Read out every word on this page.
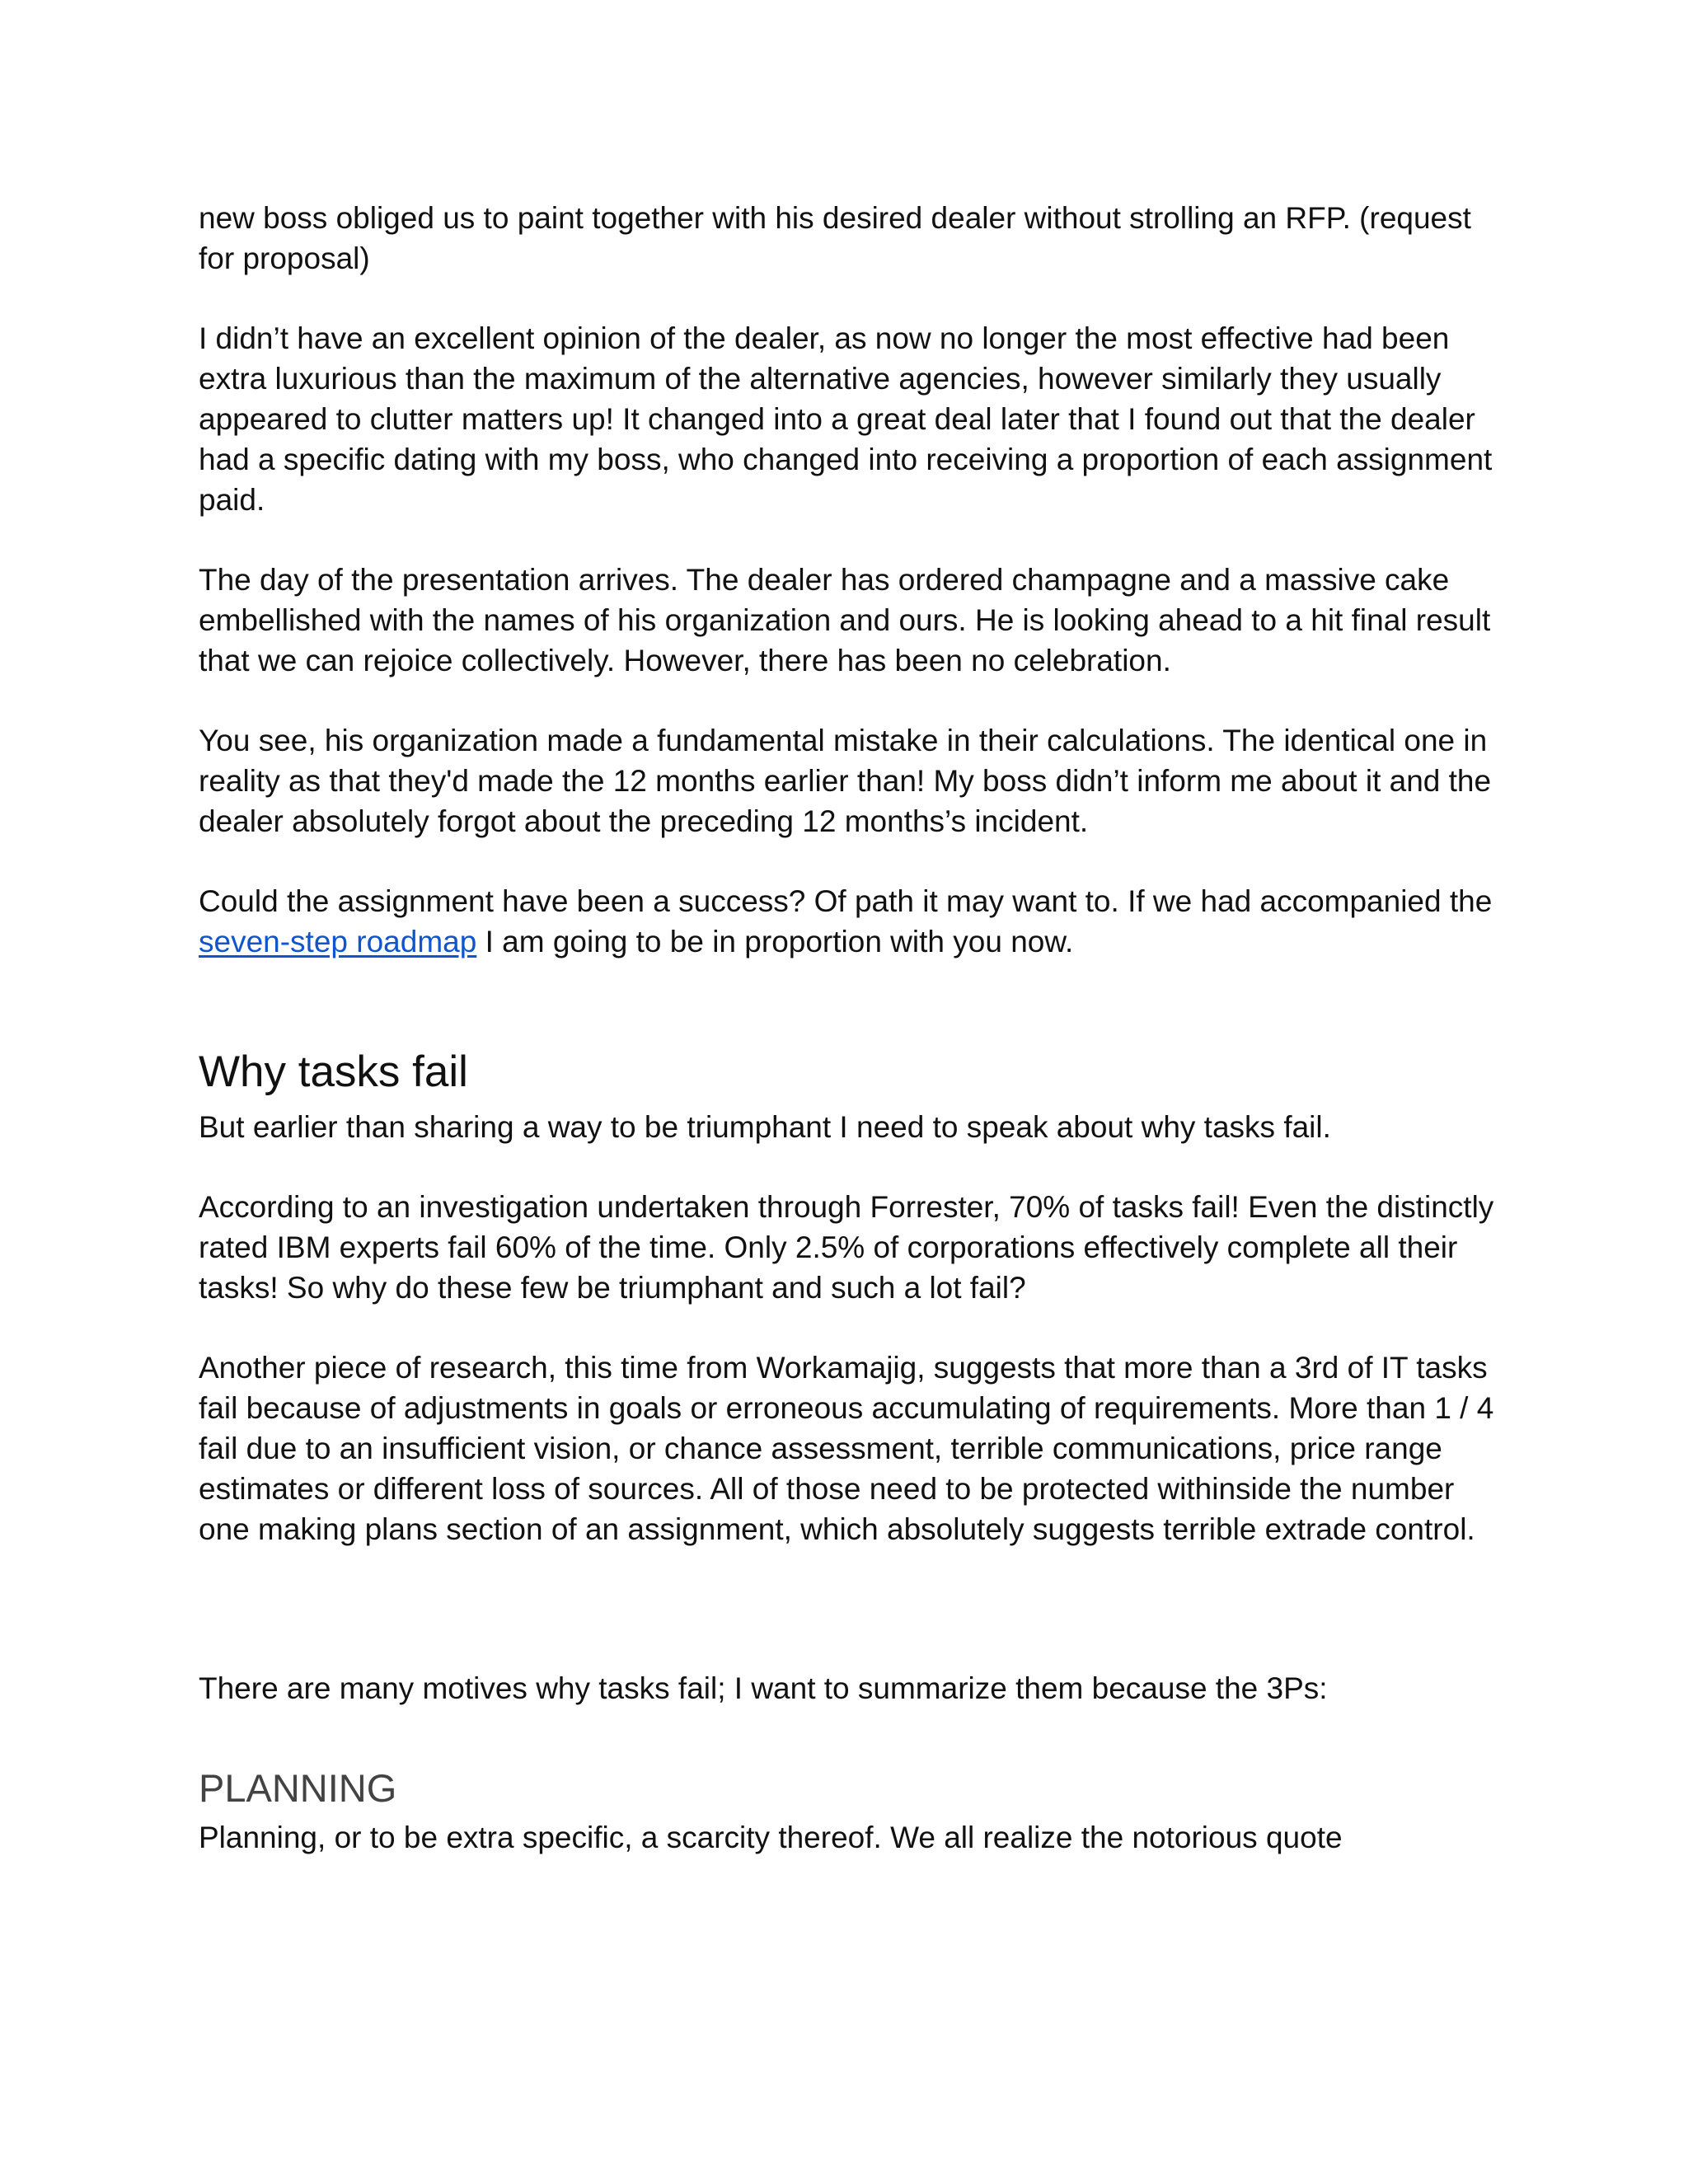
new boss obliged us to paint together with his desired dealer without strolling an RFP. (request for proposal)

I didn’t have an excellent opinion of the dealer, as now no longer the most effective had been extra luxurious than the maximum of the alternative agencies, however similarly they usually appeared to clutter matters up! It changed into a great deal later that I found out that the dealer had a specific dating with my boss, who changed into receiving a proportion of each assignment paid.

The day of the presentation arrives. The dealer has ordered champagne and a massive cake embellished with the names of his organization and ours. He is looking ahead to a hit final result that we can rejoice collectively. However, there has been no celebration.

You see, his organization made a fundamental mistake in their calculations. The identical one in reality as that they'd made the 12 months earlier than! My boss didn’t inform me about it and the dealer absolutely forgot about the preceding 12 months’s incident.

Could the assignment have been a success? Of path it may want to. If we had accompanied the seven-step roadmap I am going to be in proportion with you now.

Why tasks fail

But earlier than sharing a way to be triumphant I need to speak about why tasks fail.

According to an investigation undertaken through Forrester, 70% of tasks fail! Even the distinctly rated IBM experts fail 60% of the time. Only 2.5% of corporations effectively complete all their tasks! So why do these few be triumphant and such a lot fail?

Another piece of research, this time from Workamajig, suggests that more than a 3rd of IT tasks fail because of adjustments in goals or erroneous accumulating of requirements. More than 1 / 4 fail due to an insufficient vision, or chance assessment, terrible communications, price range estimates or different loss of sources. All of those need to be protected withinside the number one making plans section of an assignment, which absolutely suggests terrible extrade control.

There are many motives why tasks fail; I want to summarize them because the 3Ps:

PLANNING

Planning, or to be extra specific, a scarcity thereof. We all realize the notorious quote
